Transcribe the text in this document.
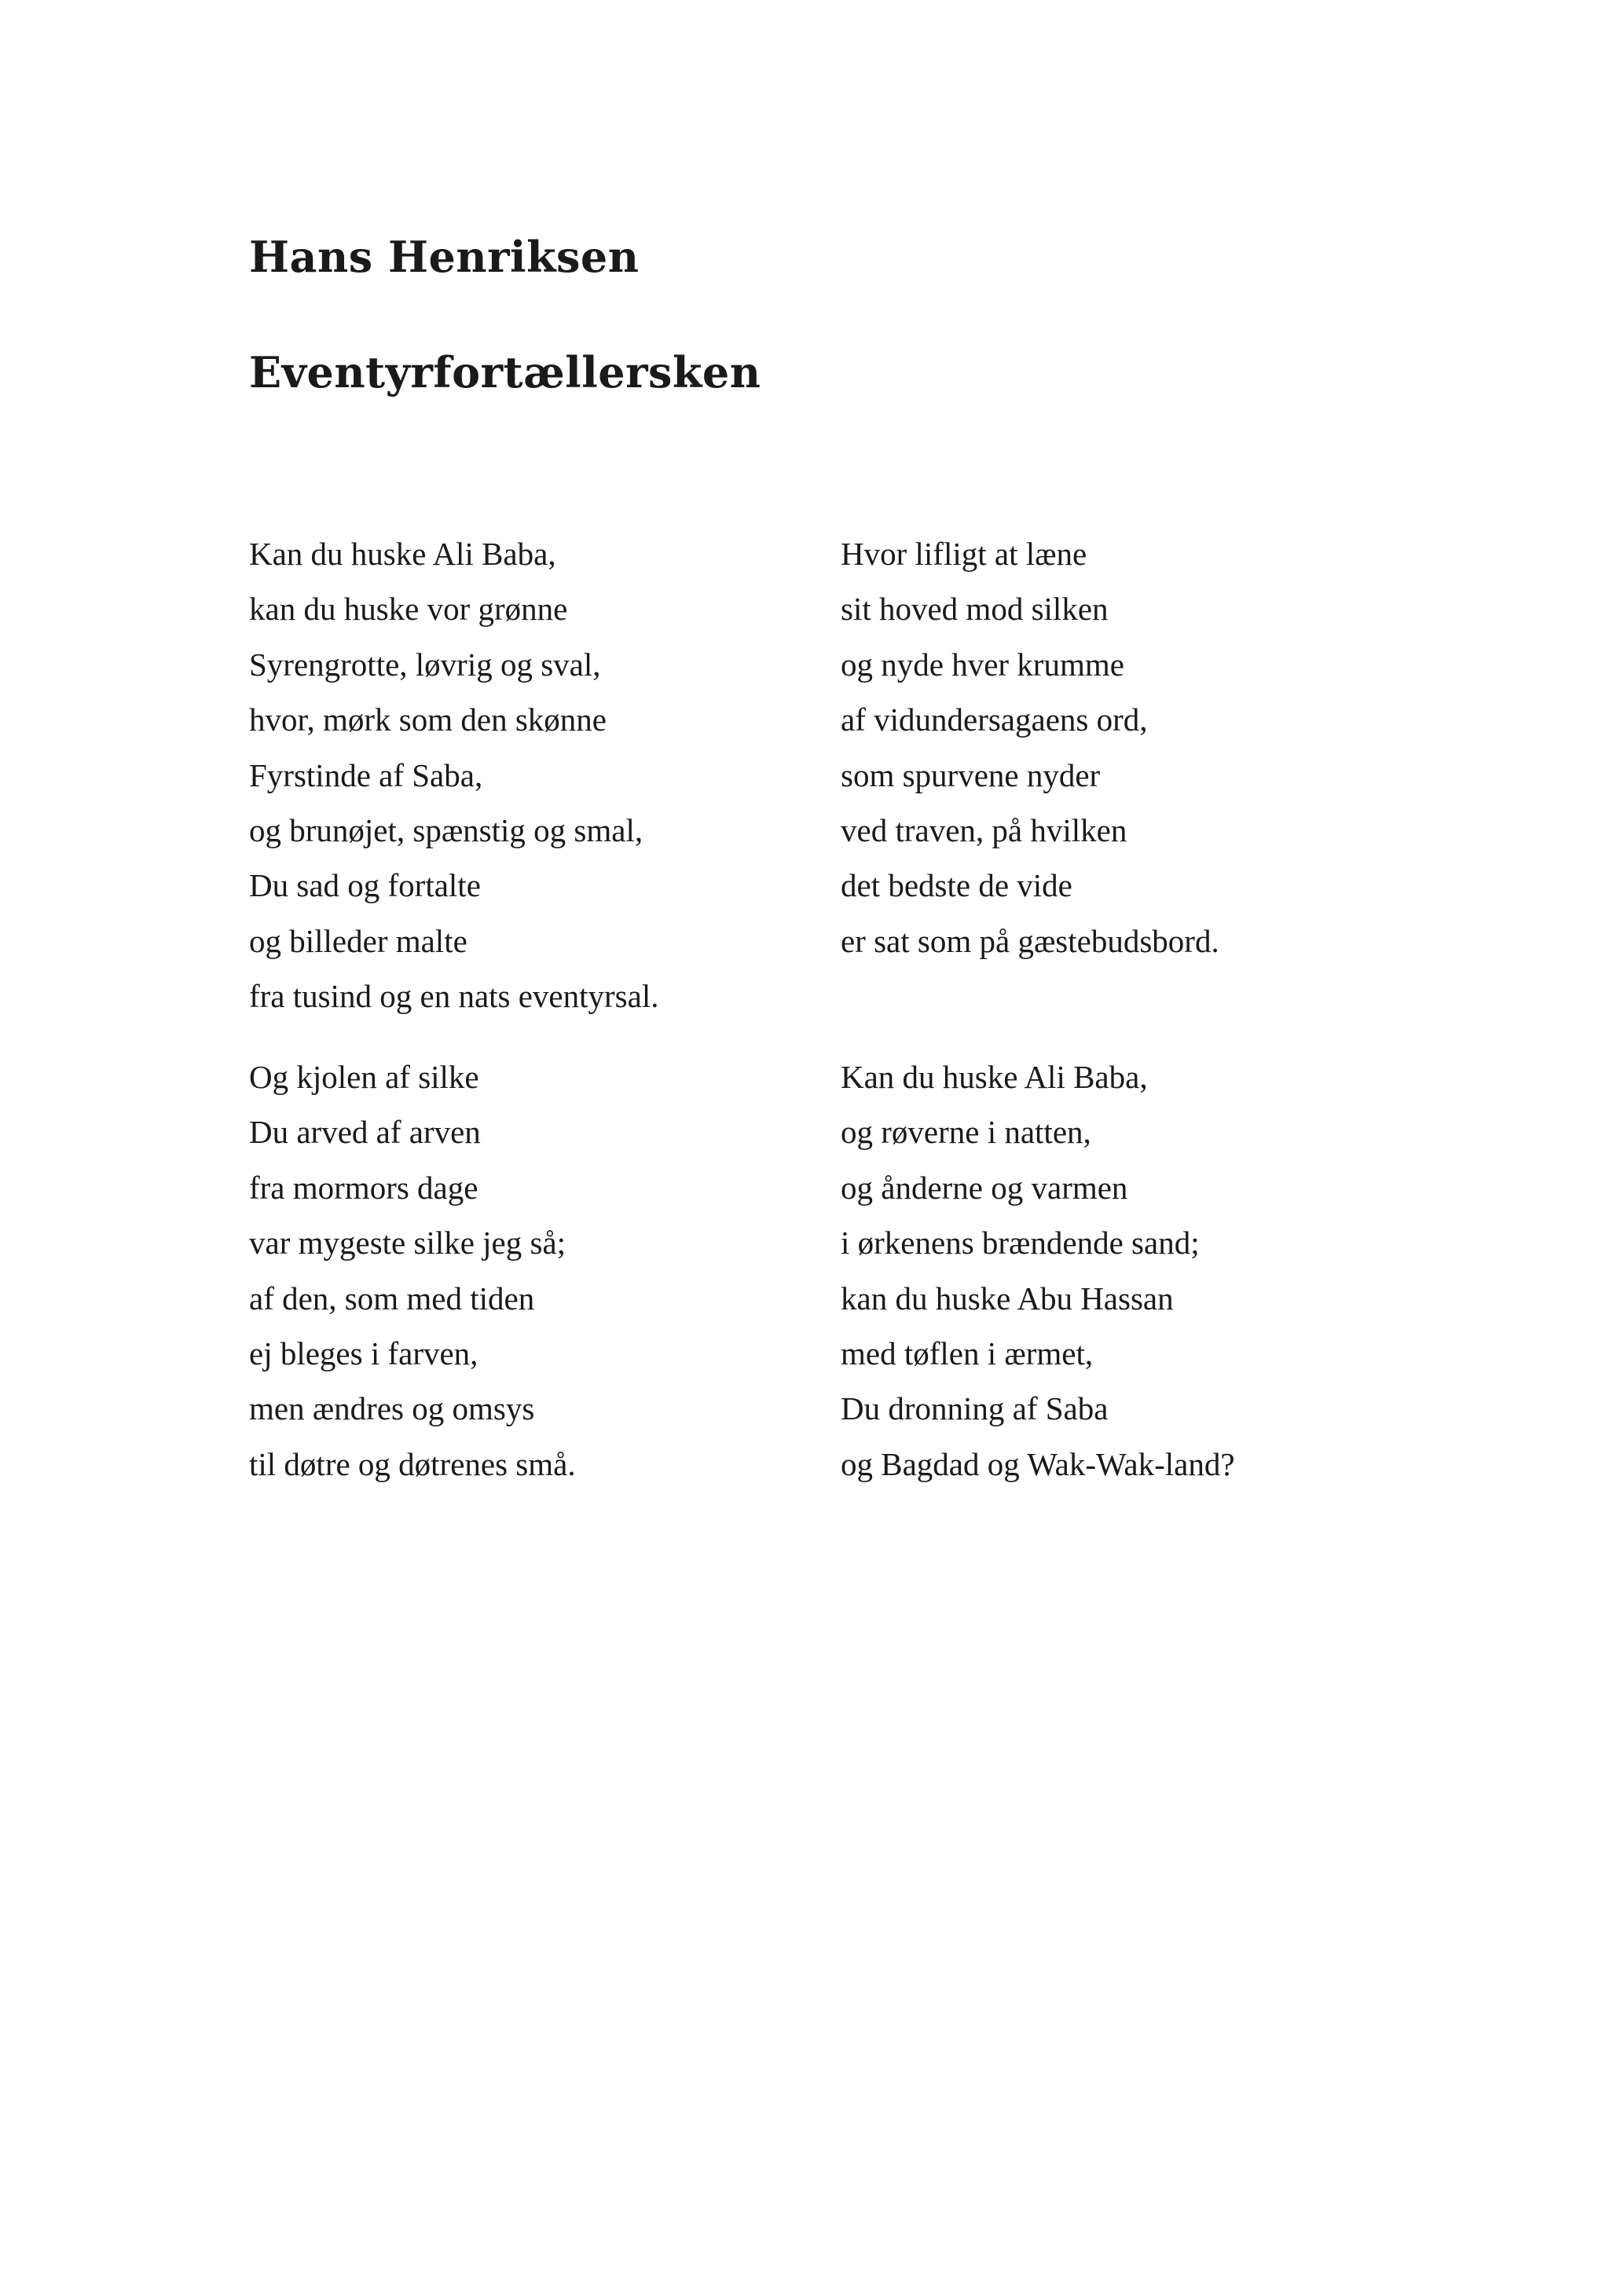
Hans Henriksen
Eventyrfortællersken
Kan du huske Ali Baba,
kan du huske vor grønne
Syrengrotte, løvrig og sval,
hvor, mørk som den skønne
Fyrstinde af Saba,
og brunøjet, spænstig og smal,
Du sad og fortalte
og billeder malte
fra tusind og en nats eventyrsal.
Hvor lifligt at læne
sit hoved mod silken
og nyde hver krumme
af vidundersagaens ord,
som spurvene nyder
ved traven, på hvilken
det bedste de vide
er sat som på gæstebudsbord.
Og kjolen af silke
Du arved af arven
fra mormors dage
var mygeste silke jeg så;
af den, som med tiden
ej bleges i farven,
men ændres og omsys
til døtre og døtrenes små.
Kan du huske Ali Baba,
og røverne i natten,
og ånderne og varmen
i ørkenens brændende sand;
kan du huske Abu Hassan
med tøflen i ærmet,
Du dronning af Saba
og Bagdad og Wak-Wak-land?
